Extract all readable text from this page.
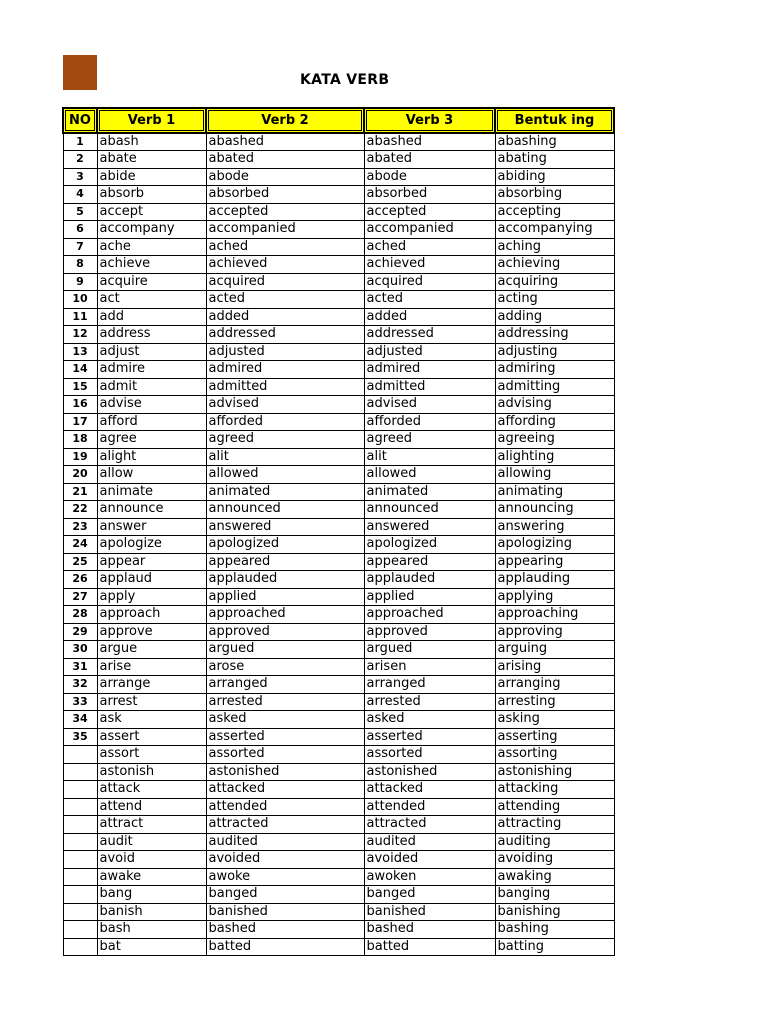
KATA VERB
NO	Verb 1	Verb 2	Verb 3	Bentuk ing

1	abash	abashed	abashed	abashing
2	abate	abated	abated	abating
3	abide	abode	abode	abiding
4	absorb	absorbed	absorbed	absorbing
5	accept	accepted	accepted	accepting
6	accompany	accompanied	accompanied	accompanying
7	ache	ached	ached	aching
8	achieve	achieved	achieved	achieving
9	acquire	acquired	acquired	acquiring
10	act	acted	acted	acting
11	add	added	added	adding
12	address	addressed	addressed	addressing
13	adjust	adjusted	adjusted	adjusting
14	admire	admired	admired	admiring
15	admit	admitted	admitted	admitting
16	advise	advised	advised	advising
17	afford	afforded	afforded	affording
18	agree	agreed	agreed	agreeing
19	alight	alit	alit	alighting
20	allow	allowed	allowed	allowing
21	animate	animated	animated	animating
22	announce	announced	announced	announcing
23	answer	answered	answered	answering
24	apologize	apologized	apologized	apologizing
25	appear	appeared	appeared	appearing
26	applaud	applauded	applauded	applauding
27	apply	applied	applied	applying
28	approach	approached	approached	approaching
29	approve	approved	approved	approving
30	argue	argued	argued	arguing
31	arise	arose	arisen	arising
32	arrange	arranged	arranged	arranging
33	arrest	arrested	arrested	arresting
34	ask	asked	asked	asking
35	assert	asserted	asserted	asserting
	assort	assorted	assorted	assorting
	astonish	astonished	astonished	astonishing
	attack	attacked	attacked	attacking
	attend	attended	attended	attending
	attract	attracted	attracted	attracting
	audit	audited	audited	auditing
	avoid	avoided	avoided	avoiding
	awake	awoke	awoken	awaking
	bang	banged	banged	banging
	banish	banished	banished	banishing
	bash	bashed	bashed	bashing
	bat	batted	batted	batting
